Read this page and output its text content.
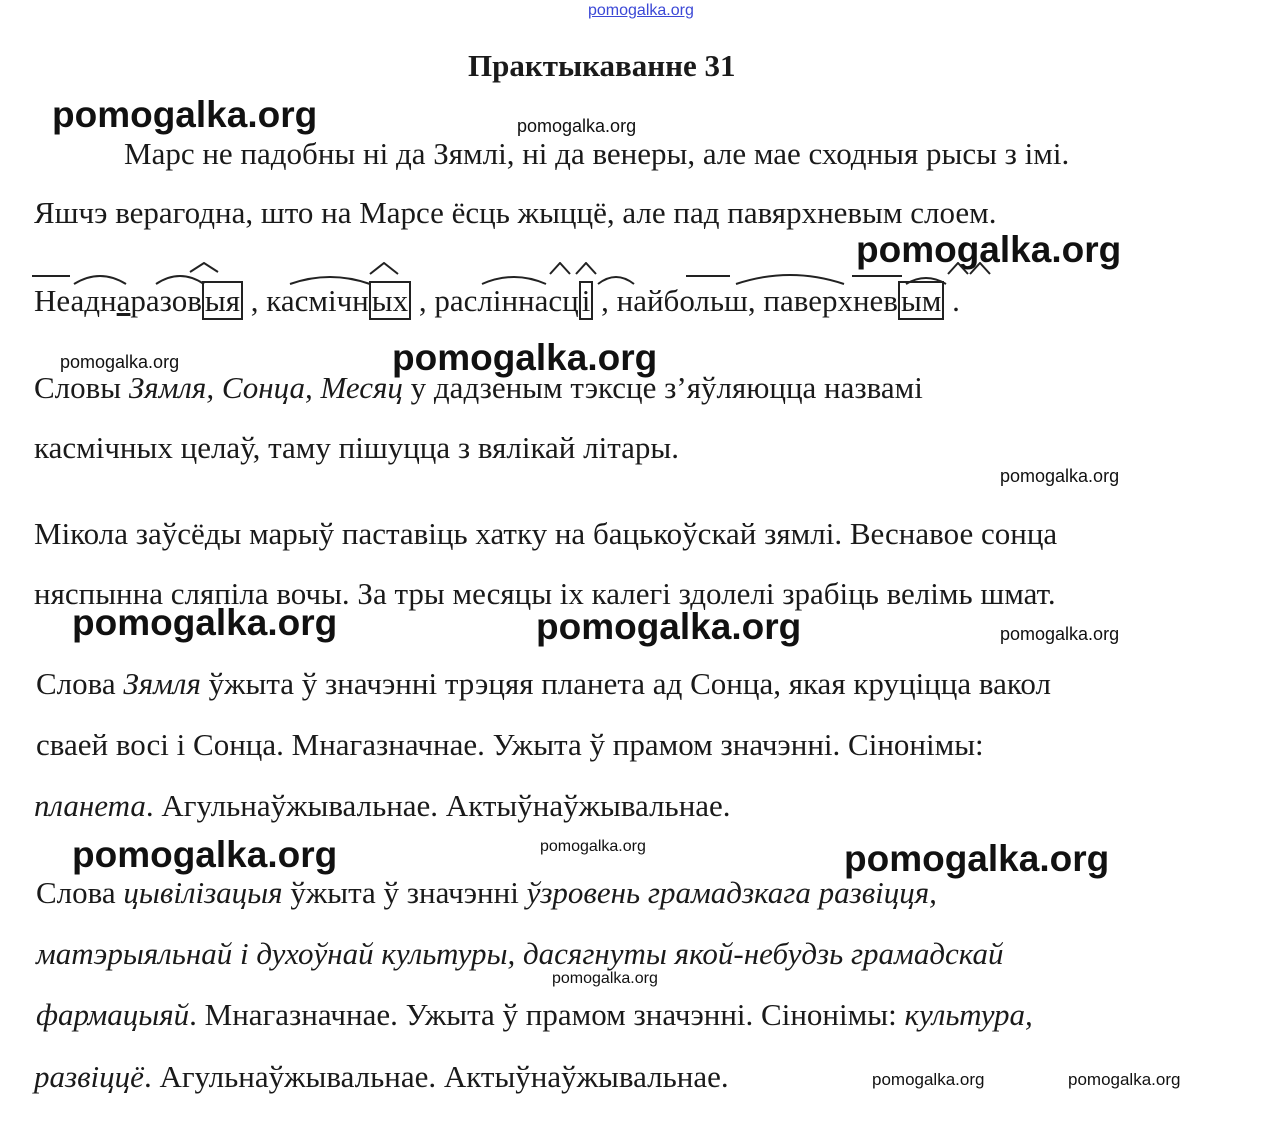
pomogalka.org
pomogalka.org	pomogalka.org
pomogalka.org
pomogalka.org	pomogalka.org
pomogalka.org
pomogalka.org	pomogalka.org	pomogalka.org
pomogalka.org	pomogalka.org	pomogalka.org
pomogalka.org
pomogalka.org	pomogalka.org
Практыкаванне 31
Марс не падобны ні да Зямлі, ні да венеры, але мае сходныя рысы з імі.
Яшчэ верагодна, што на Марсе ёсць жыццё, але пад павярхневым слоем.
Неаднаразовыя , касмічных , расліннасці , найбольш, паверхневым .
Словы Зямля, Сонца, Месяц у дадзеным тэксце з’яўляюцца назвамі
касмічных целаў, таму пішуцца з вялікай літары.
Мікола заўсёды марыў паставіць хатку на бацькоўскай зямлі. Веснавое сонца
няспынна сляпіла вочы. За тры месяцы іх калегі здолелі зрабіць велімь шмат.
Слова Зямля ўжыта ў значэнні трэцяя планета ад Сонца, якая круціцца вакол
сваей восі і Сонца. Мнагазначнае. Ужыта ў прамом значэнні. Сінонімы:
планета. Агульнаўжывальнае. Актыўнаўжывальнае.
Слова цывілізацыя ўжыта ў значэнні ўзровень грамадзкага развіцця,
матэрыяльнай і духоўнай культуры, дасягнуты якой-небудзь грамадскай
фармацыяй. Мнагазначнае. Ужыта ў прамом значэнні. Сінонімы: культура,
развіццё. Агульнаўжывальнае. Актыўнаўжывальнае.
